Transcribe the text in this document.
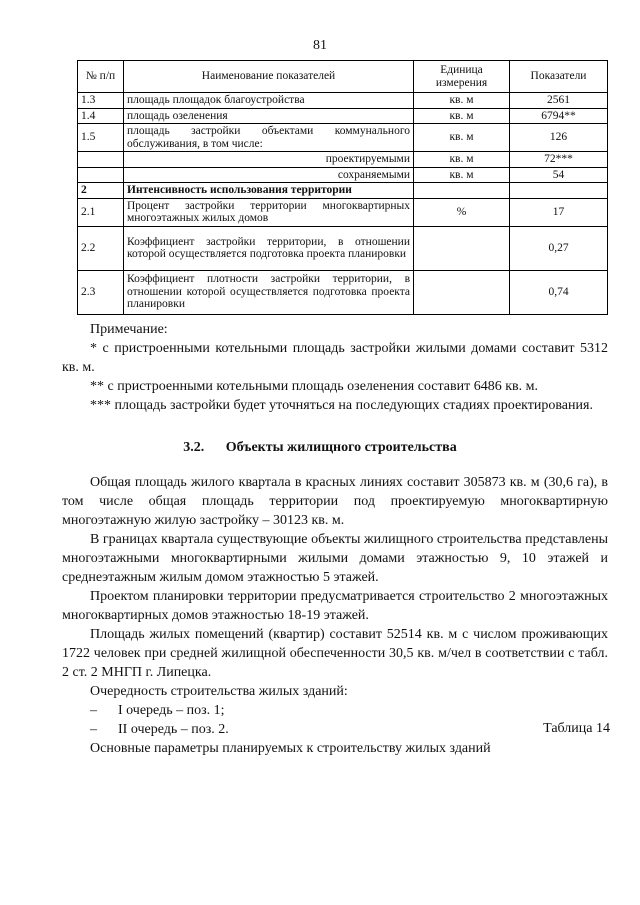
81
№ п/п	Наименование показателей	Единица измерения	Показатели
1.3	площадь площадок благоустройства	кв. м	2561
1.4	площадь озеленения	кв. м	6794**
1.5	площадь застройки объектами коммунального обслуживания, в том числе:	кв. м	126
	проектируемыми	кв. м	72***
	сохраняемыми	кв. м	54
2	Интенсивность использования территории		
2.1	Процент застройки территории многоквартирных многоэтажных жилых домов	%	17
2.2	Коэффициент застройки территории, в отношении которой осуществляется подготовка проекта планировки		0,27
2.3	Коэффициент плотности застройки территории, в отношении которой осуществляется подготовка проекта планировки		0,74

Примечание:

* с пристроенными котельными площадь застройки жилыми домами составит 5312 кв. м.

** с пристроенными котельными площадь озеленения составит 6486 кв. м.

*** площадь застройки будет уточняться на последующих стадиях проектирования.

3.2. Объекты жилищного строительства

Общая площадь жилого квартала в красных линиях составит 305873 кв. м (30,6 га), в том числе общая площадь территории под проектируемую многоквартирную многоэтажную жилую застройку – 30123 кв. м.

В границах квартала существующие объекты жилищного строительства представлены многоэтажными многоквартирными жилыми домами этажностью 9, 10 этажей и среднеэтажным жилым домом этажностью 5 этажей.

Проектом планировки территории предусматривается строительство 2 многоэтажных многоквартирных домов этажностью 18-19 этажей.

Площадь жилых помещений (квартир) составит 52514 кв. м с числом проживающих 1722 человек при средней жилищной обеспеченности 30,5 кв. м/чел в соответствии с табл. 2 ст. 2 МНГП г. Липецка.

Очередность строительства жилых зданий:

– I очередь – поз. 1;

– II очередь – поз. 2.	Таблица 14
Основные параметры планируемых к строительству жилых зданий
